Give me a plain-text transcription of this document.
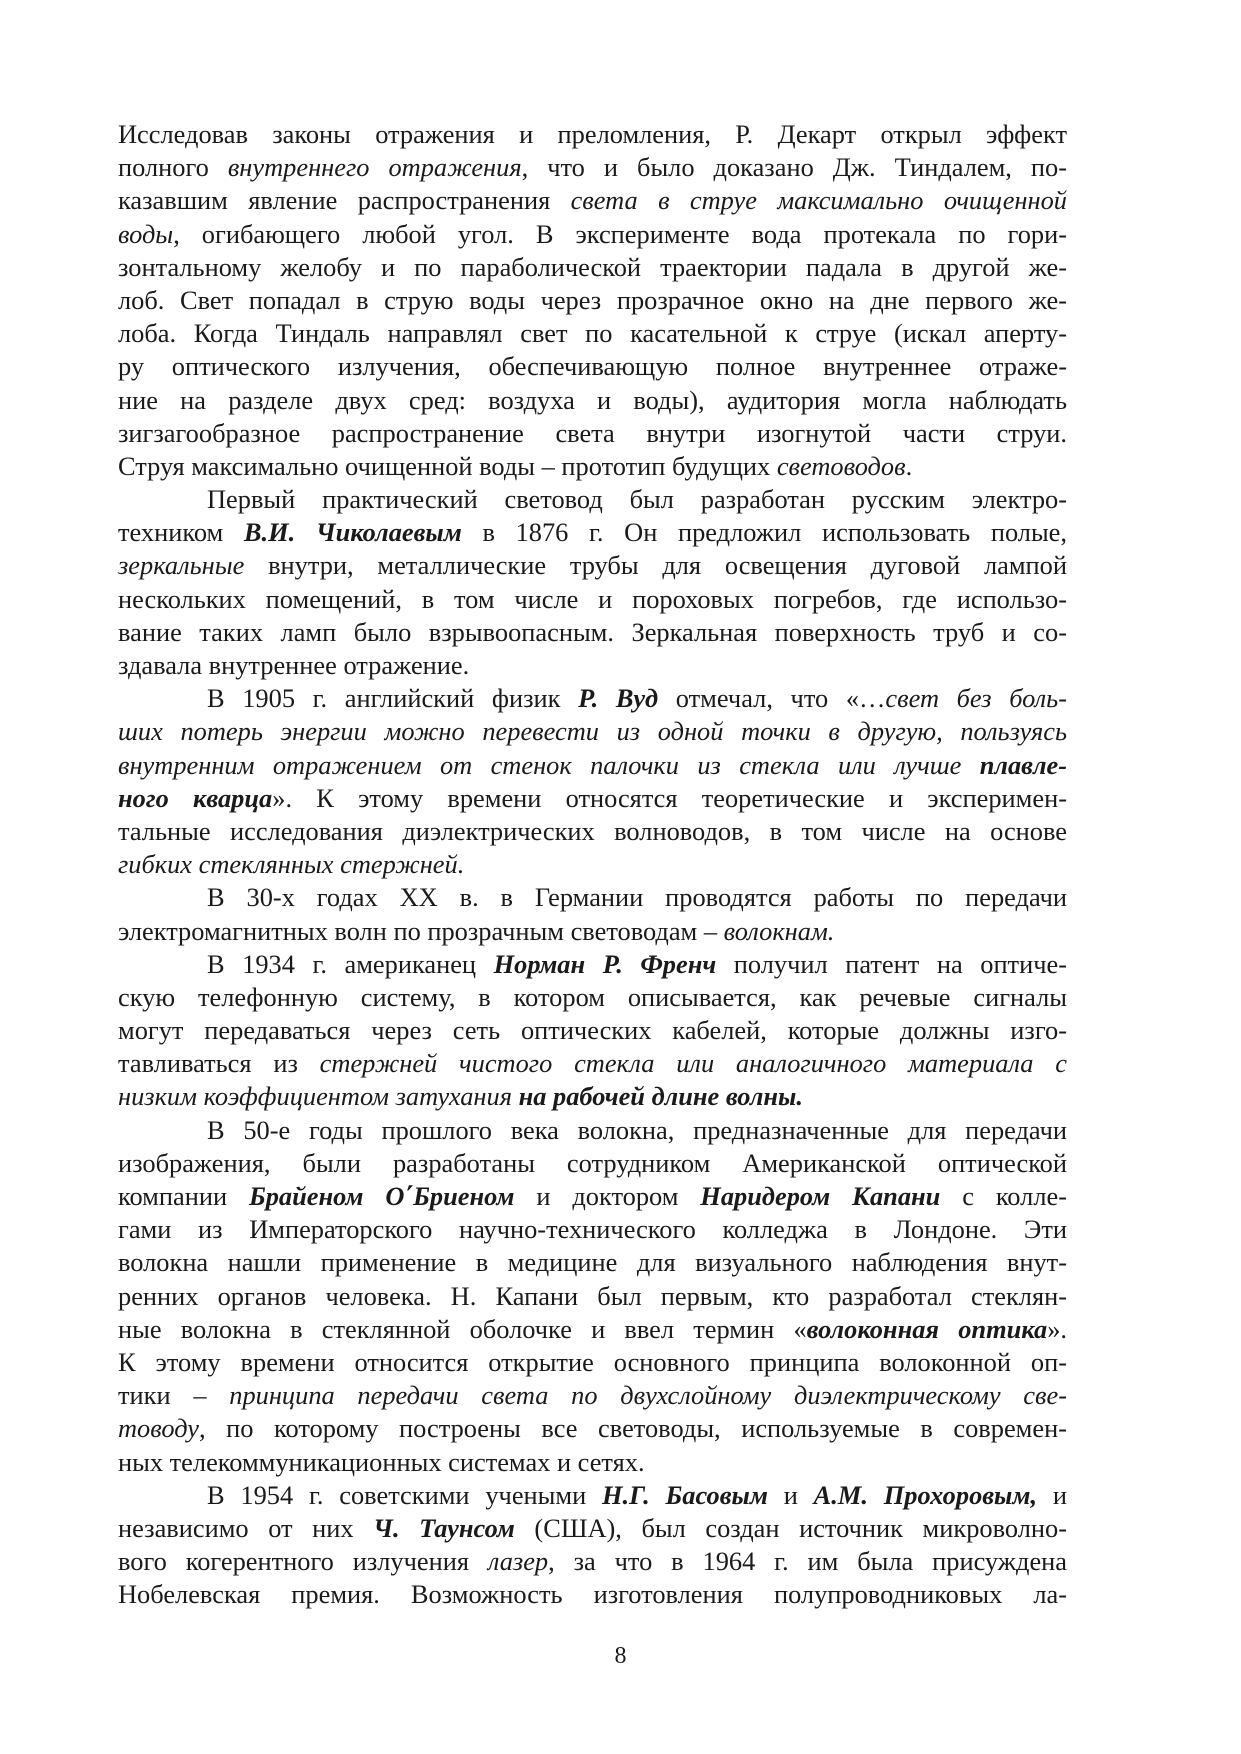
Исследовав законы отражения и преломления, Р. Декарт открыл эффект
полного внутреннего отражения, что и было доказано Дж. Тиндалем, по-
казавшим явление распространения света в струе максимально очищенной
воды, огибающего любой угол. В эксперименте вода протекала по гори-
зонтальному желобу и по параболической траектории падала в другой же-
лоб. Свет попадал в струю воды через прозрачное окно на дне первого же-
лоба. Когда Тиндаль направлял свет по касательной к струе (искал аперту-
ру оптического излучения, обеспечивающую полное внутреннее отраже-
ние на разделе двух сред: воздуха и воды), аудитория могла наблюдать
зигзагообразное распространение света внутри изогнутой части струи.
Струя максимально очищенной воды – прототип будущих световодов.
Первый практический световод был разработан русским электро-
техником В.И. Чиколаевым в 1876 г. Он предложил использовать полые,
зеркальные внутри, металлические трубы для освещения дуговой лампой
нескольких помещений, в том числе и пороховых погребов, где использо-
вание таких ламп было взрывоопасным. Зеркальная поверхность труб и со-
здавала внутреннее отражение.
В 1905 г. английский физик Р. Вуд отмечал, что «…свет без боль-
ших потерь энергии можно перевести из одной точки в другую, пользуясь
внутренним отражением от стенок палочки из стекла или лучше плавле-
ного кварца». К этому времени относятся теоретические и эксперимен-
тальные исследования диэлектрических волноводов, в том числе на основе
гибких стеклянных стержней.
В 30-х годах XX в. в Германии проводятся работы по передачи
электромагнитных волн по прозрачным световодам – волокнам.
В 1934 г. американец Норман Р. Френч получил патент на оптиче-
скую телефонную систему, в котором описывается, как речевые сигналы
могут передаваться через сеть оптических кабелей, которые должны изго-
тавливаться из стержней чистого стекла или аналогичного материала с
низким коэффициентом затухания на рабочей длине волны.
В 50-е годы прошлого века волокна, предназначенные для передачи
изображения, были разработаны сотрудником Американской оптической
компании Брайеном О΄Бриеном и доктором Наридером Капани с колле-
гами из Императорского научно-технического колледжа в Лондоне. Эти
волокна нашли применение в медицине для визуального наблюдения внут-
ренних органов человека. Н. Капани был первым, кто разработал стеклян-
ные волокна в стеклянной оболочке и ввел термин «волоконная оптика».
К этому времени относится открытие основного принципа волоконной оп-
тики – принципа передачи света по двухслойному диэлектрическому све-
товоду, по которому построены все световоды, используемые в современ-
ных телекоммуникационных системах и сетях.
В 1954 г. советскими учеными Н.Г. Басовым и А.М. Прохоровым, и
независимо от них Ч. Таунсом (США), был создан источник микроволно-
вого когерентного излучения лазер, за что в 1964 г. им была присуждена
Нобелевская премия. Возможность изготовления полупроводниковых ла-
8
